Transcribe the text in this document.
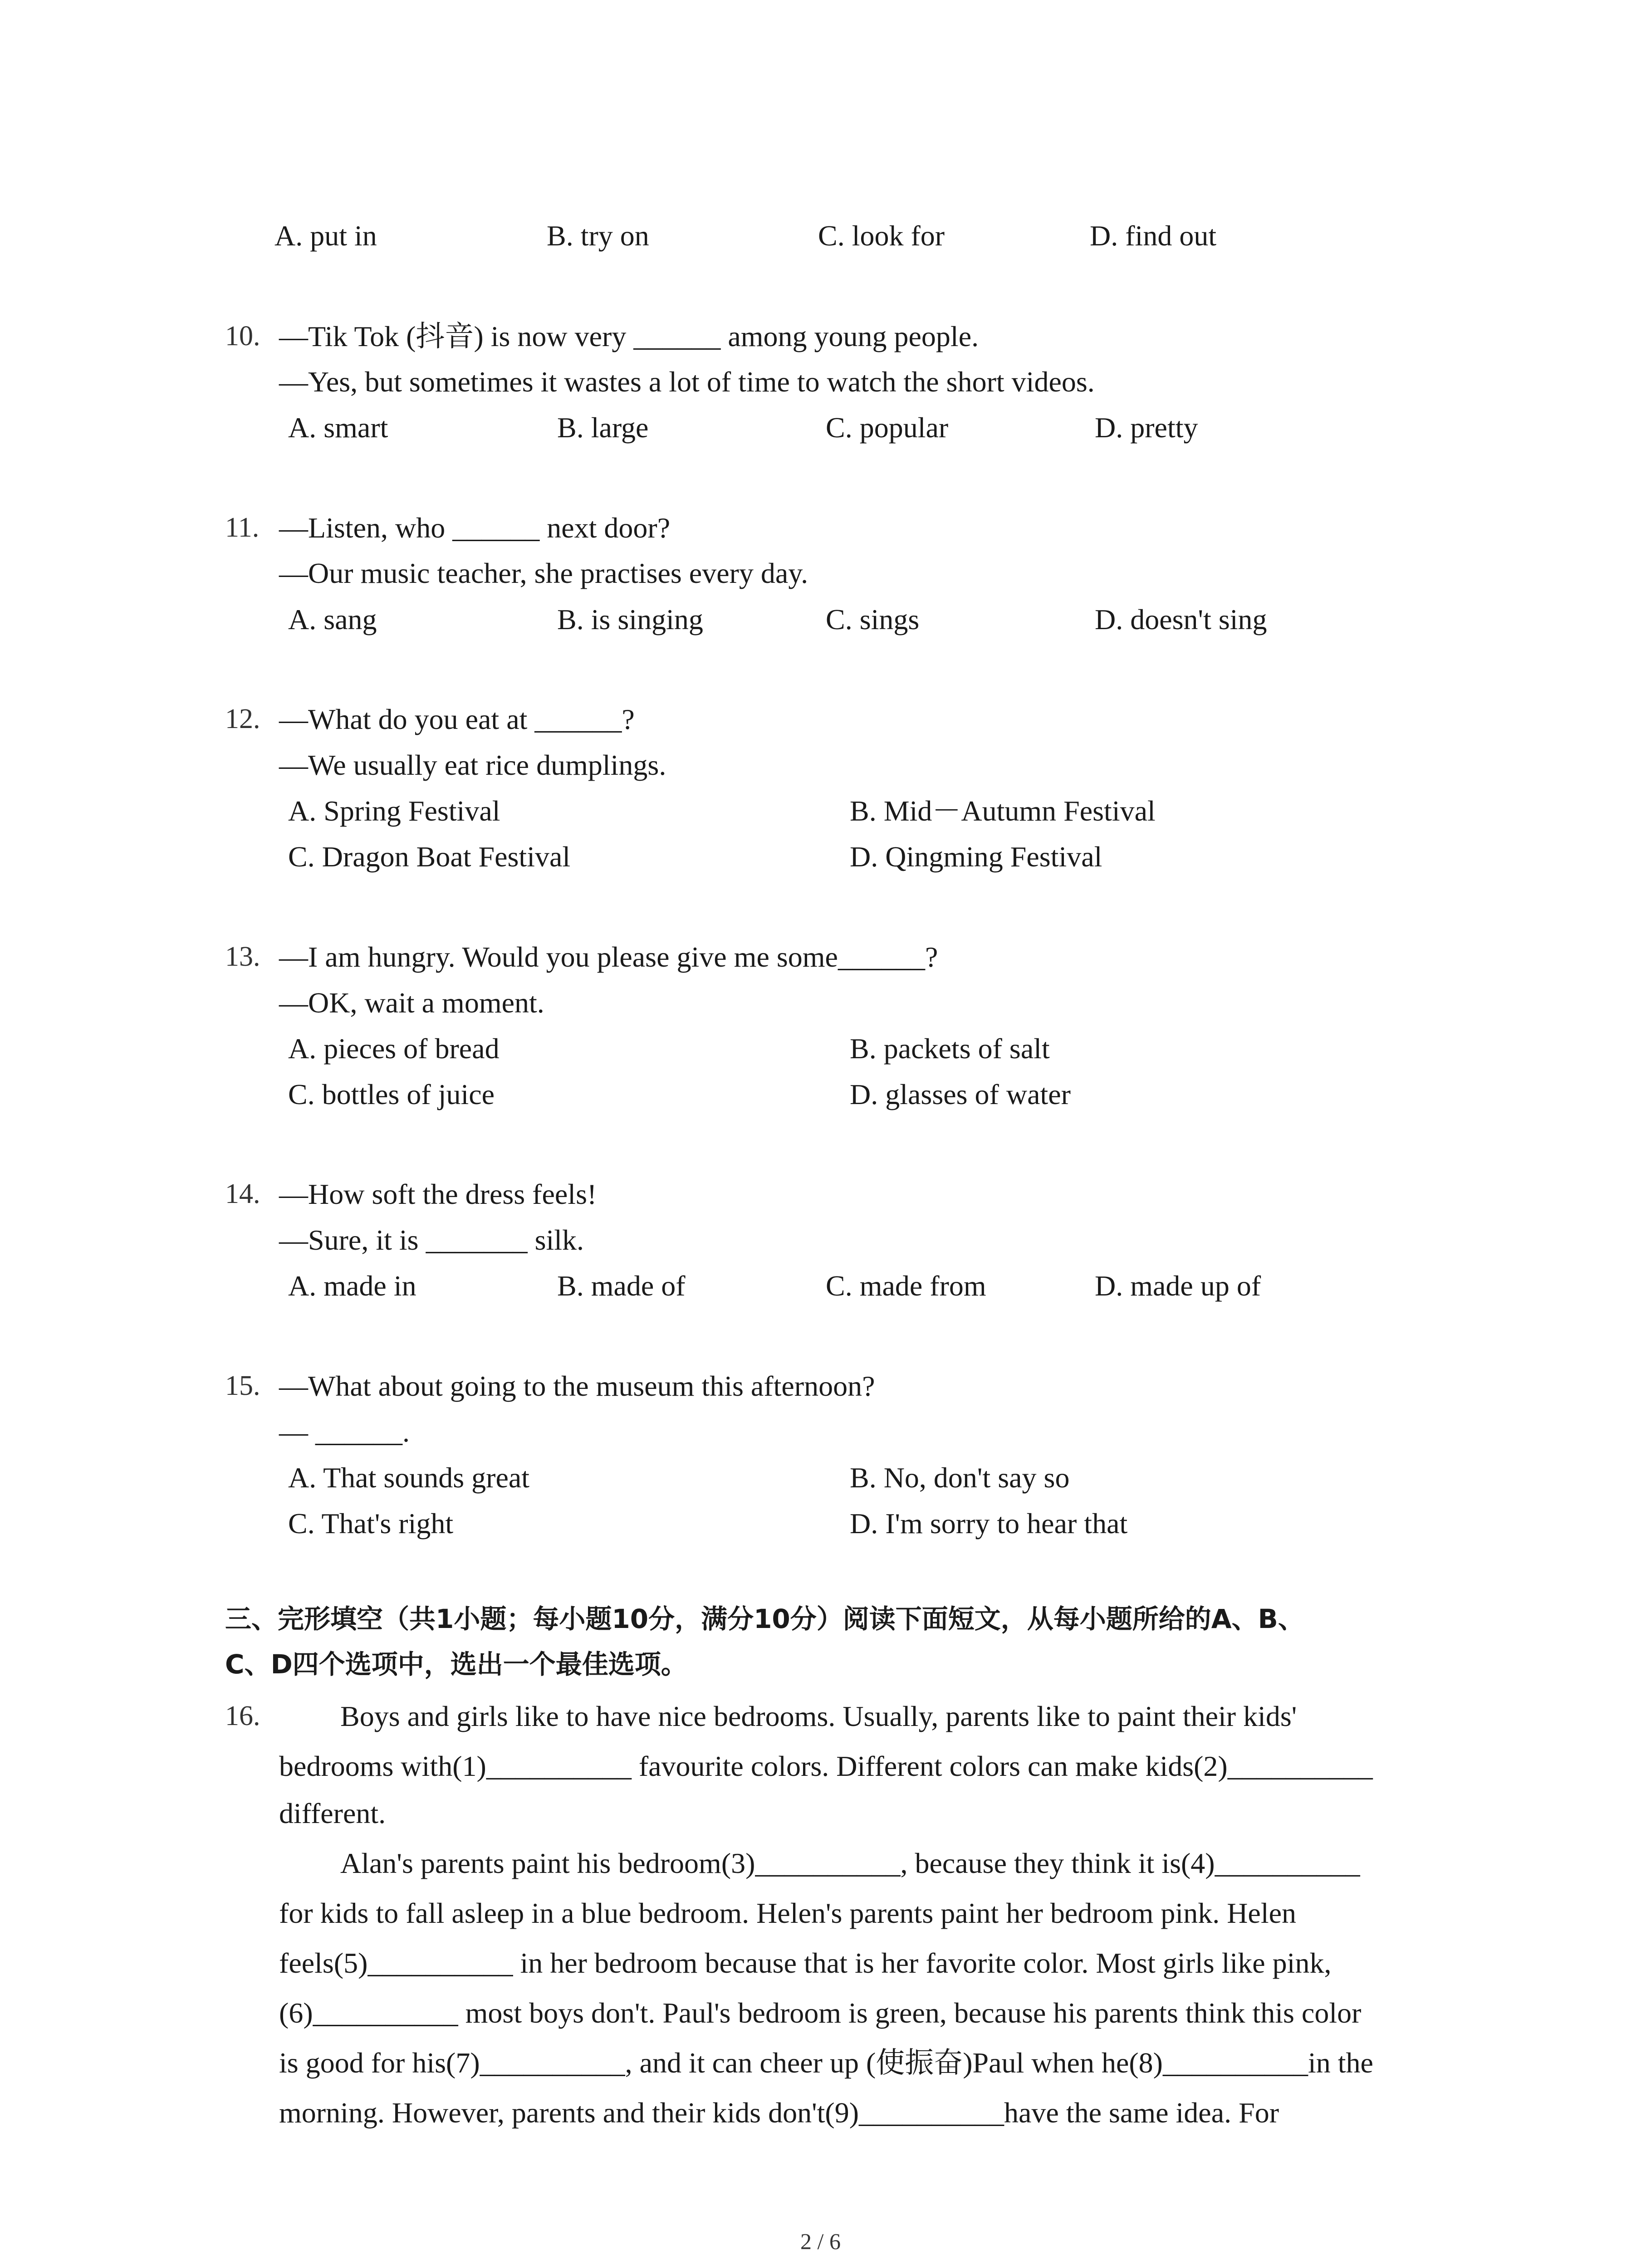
A. put in	B. try on	C. look for	D. find out
10. —Tik Tok (抖音) is now very ______ among young people.
—Yes, but sometimes it wastes a lot of time to watch the short videos.
A. smart	B. large	C. popular	D. pretty
11. —Listen, who ______ next door?
—Our music teacher, she practises every day.
A. sang	B. is singing	C. sings	D. doesn't sing
12. —What do you eat at ______?
—We usually eat rice dumplings.
A. Spring Festival	B. Mid－Autumn Festival
C. Dragon Boat Festival	D. Qingming Festival
13. —I am hungry. Would you please give me some______?
—OK, wait a moment.
A. pieces of bread	B. packets of salt
C. bottles of juice	D. glasses of water
14. —How soft the dress feels!
—Sure, it is _______ silk.
A. made in	B. made of	C. made from	D. made up of
15. —What about going to the museum this afternoon?
— ______.
A. That sounds great	B. No, don't say so
C. That's right	D. I'm sorry to hear that
三、完形填空（共1小题；每小题10分，满分10分）阅读下面短文，从每小题所给的A、B、
C、D四个选项中，选出一个最佳选项。
16.	Boys and girls like to have nice bedrooms. Usually, parents like to paint their kids'
bedrooms with(1)__________ favourite colors. Different colors can make kids(2)__________
different.
Alan's parents paint his bedroom(3)__________, because they think it is(4)__________
for kids to fall asleep in a blue bedroom. Helen's parents paint her bedroom pink. Helen
feels(5)__________ in her bedroom because that is her favorite color. Most girls like pink,
(6)__________ most boys don't. Paul's bedroom is green, because his parents think this color
is good for his(7)__________, and it can cheer up (使振奋)Paul when he(8)__________in the
morning. However, parents and their kids don't(9)__________have the same idea. For
2 / 6
